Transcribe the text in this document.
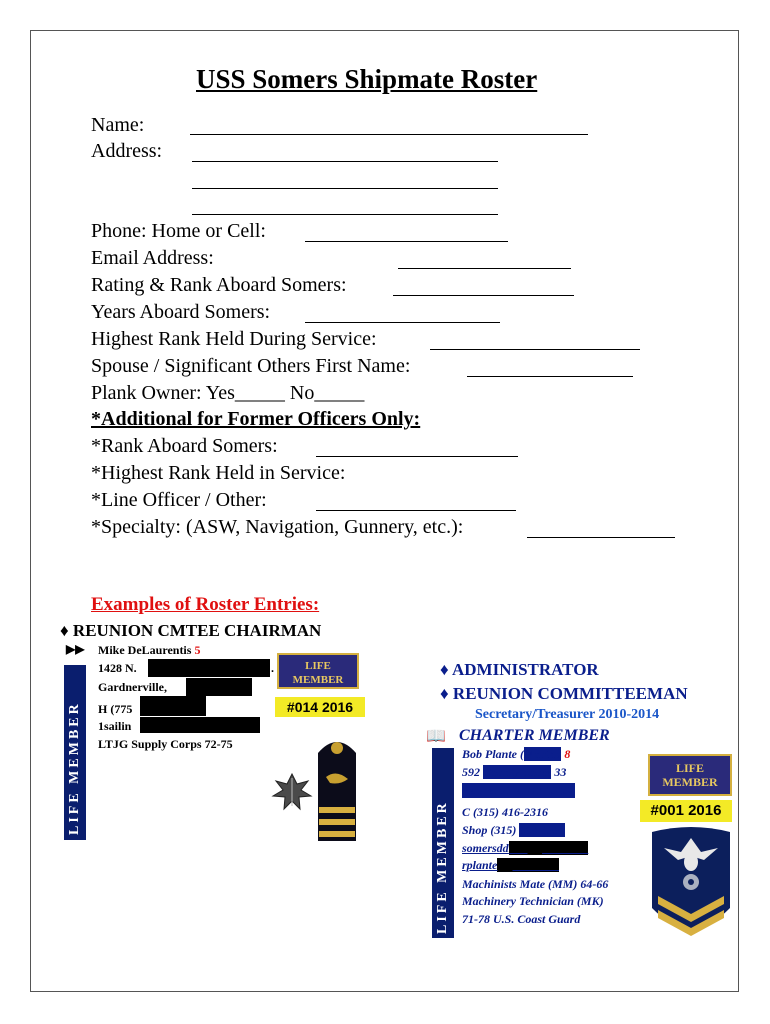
USS Somers Shipmate Roster
Name:
Address:
Phone: Home or Cell:
Email Address:
Rating & Rank Aboard Somers:
Years Aboard Somers:
Highest Rank Held During Service:
Spouse / Significant Others First Name:
Plank Owner: Yes_____ No_____
*Additional for Former Officers Only:
*Rank Aboard Somers:
*Highest Rank Held in Service:
*Line Officer / Other:
*Specialty: (ASW, Navigation, Gunnery, etc.):
Examples of Roster Entries:
♦ REUNION CMTEE CHAIRMAN
LIFE MEMBER
▶▶ Mike DeLaurentis 5
1428 N.	.
Gardnerville,
H (775
1sailin
LTJG Supply Corps 72-75
LIFE
MEMBER
#014 2016
♦ ADMINISTRATOR
♦ REUNION COMMITTEEMAN
Secretary/Treasurer 2010-2014
📖 CHARTER MEMBER
LIFE MEMBER
Bob Plante (Martha 8
592 County Route 33
Pennellville, NY 13132
C (315) 416-2316
Shop (315) 668-0331
somersdd947@gmail.com
rplante@gmail.com
Machinists Mate (MM) 64-66
Machinery Technician (MK)
71-78 U.S. Coast Guard
LIFE
MEMBER
#001 2016
